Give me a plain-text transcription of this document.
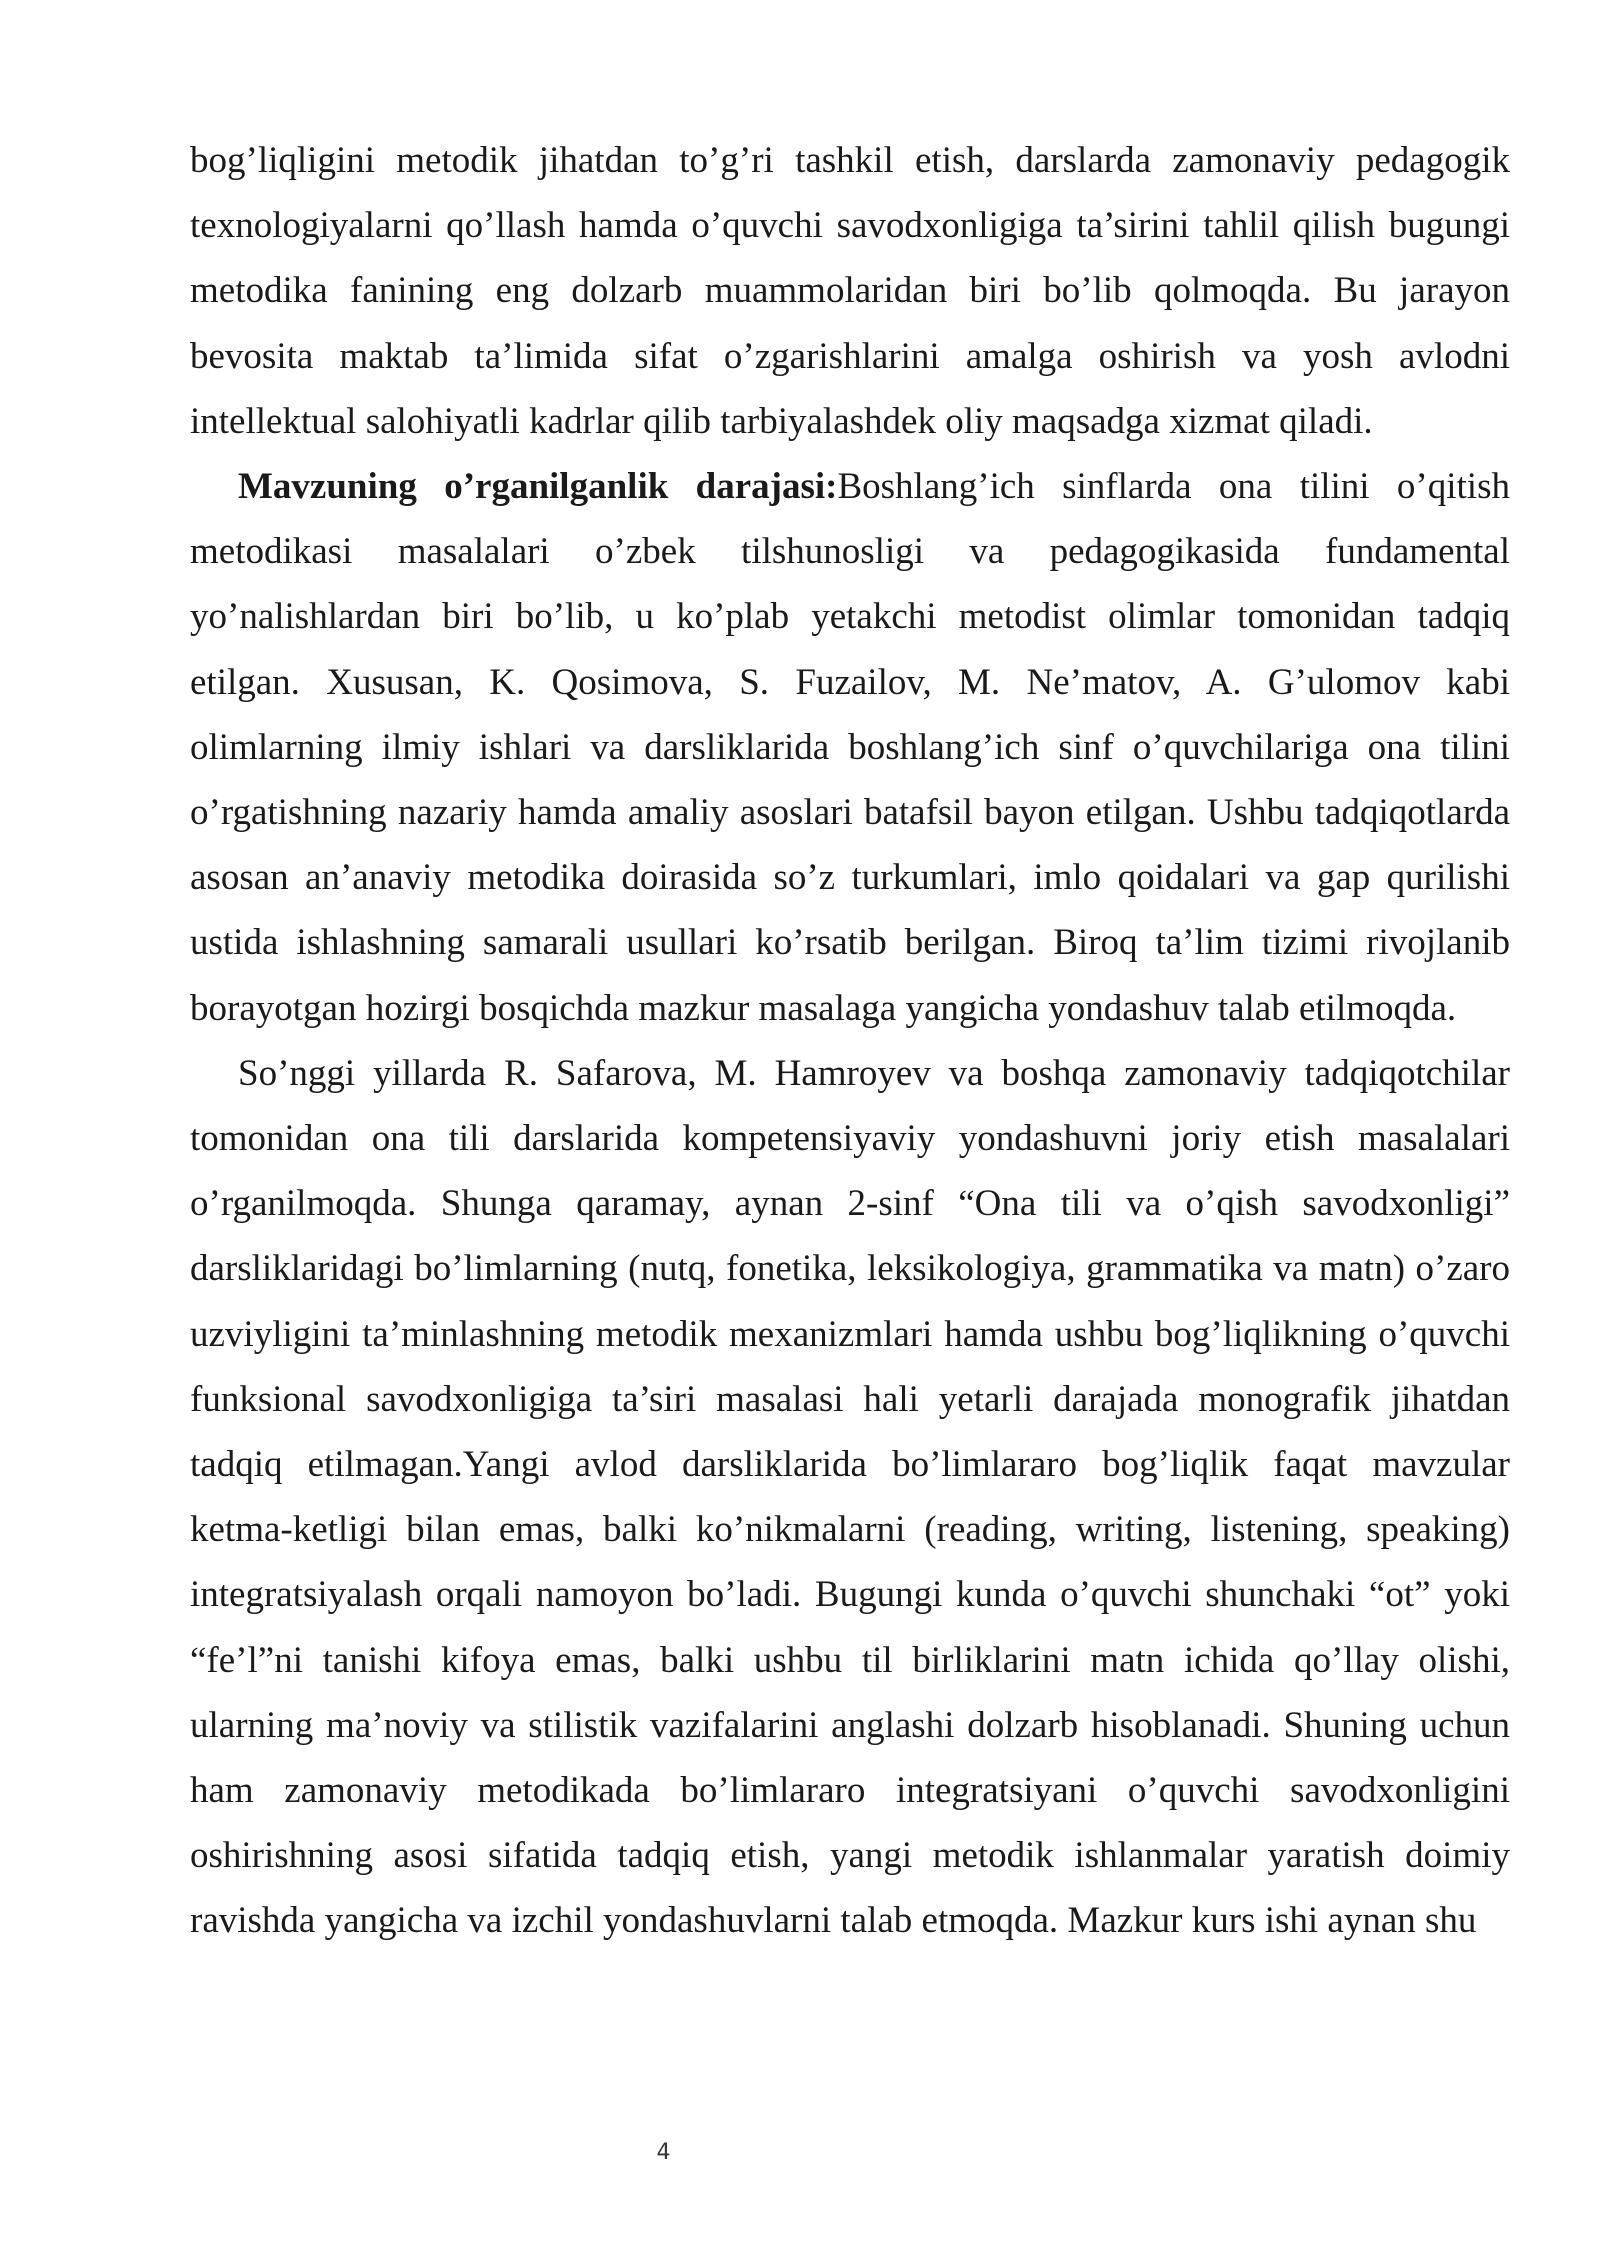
bog’liqligini metodik jihatdan to’g’ri tashkil etish, darslarda zamonaviy pedagogik texnologiyalarni qo’llash hamda o’quvchi savodxonligiga ta’sirini tahlil qilish bugungi metodika fanining eng dolzarb muammolaridan biri bo’lib qolmoqda. Bu jarayon bevosita maktab ta’limida sifat o’zgarishlarini amalga oshirish va yosh avlodni intellektual salohiyatli kadrlar qilib tarbiyalashdek oliy maqsadga xizmat qiladi.

Mavzuning o’rganilganlik darajasi:Boshlang’ich sinflarda ona tilini o’qitish metodikasi masalalari o’zbek tilshunosligi va pedagogikasida fundamental yo’nalishlardan biri bo’lib, u ko’plab yetakchi metodist olimlar tomonidan tadqiq etilgan. Xususan, K. Qosimova, S. Fuzailov, M. Ne’matov, A. G’ulomov kabi olimlarning ilmiy ishlari va darsliklarida boshlang’ich sinf o’quvchilariga ona tilini o’rgatishning nazariy hamda amaliy asoslari batafsil bayon etilgan. Ushbu tadqiqotlarda asosan an’anaviy metodika doirasida so’z turkumlari, imlo qoidalari va gap qurilishi ustida ishlashning samarali usullari ko’rsatib berilgan. Biroq ta’lim tizimi rivojlanib borayotgan hozirgi bosqichda mazkur masalaga yangicha yondashuv talab etilmoqda.

So’nggi yillarda R. Safarova, M. Hamroyev va boshqa zamonaviy tadqiqotchilar tomonidan ona tili darslarida kompetensiyaviy yondashuvni joriy etish masalalari o’rganilmoqda. Shunga qaramay, aynan 2-sinf “Ona tili va o’qish savodxonligi” darsliklaridagi bo’limlarning (nutq, fonetika, leksikologiya, grammatika va matn) o’zaro uzviyligini ta’minlashning metodik mexanizmlari hamda ushbu bog’liqlikning o’quvchi funksional savodxonligiga ta’siri masalasi hali yetarli darajada monografik jihatdan tadqiq etilmagan.Yangi avlod darsliklarida bo’limlararo bog’liqlik faqat mavzular ketma-ketligi bilan emas, balki ko’nikmalarni (reading, writing, listening, speaking) integratsiyalash orqali namoyon bo’ladi. Bugungi kunda o’quvchi shunchaki “ot” yoki “fe’l”ni tanishi kifoya emas, balki ushbu til birliklarini matn ichida qo’llay olishi, ularning ma’noviy va stilistik vazifalarini anglashi dolzarb hisoblanadi. Shuning uchun ham zamonaviy metodikada bo’limlararo integratsiyani o’quvchi savodxonligini oshirishning asosi sifatida tadqiq etish, yangi metodik ishlanmalar yaratish doimiy ravishda yangicha va izchil yondashuvlarni talab etmoqda. Mazkur kurs ishi aynan shu

4
